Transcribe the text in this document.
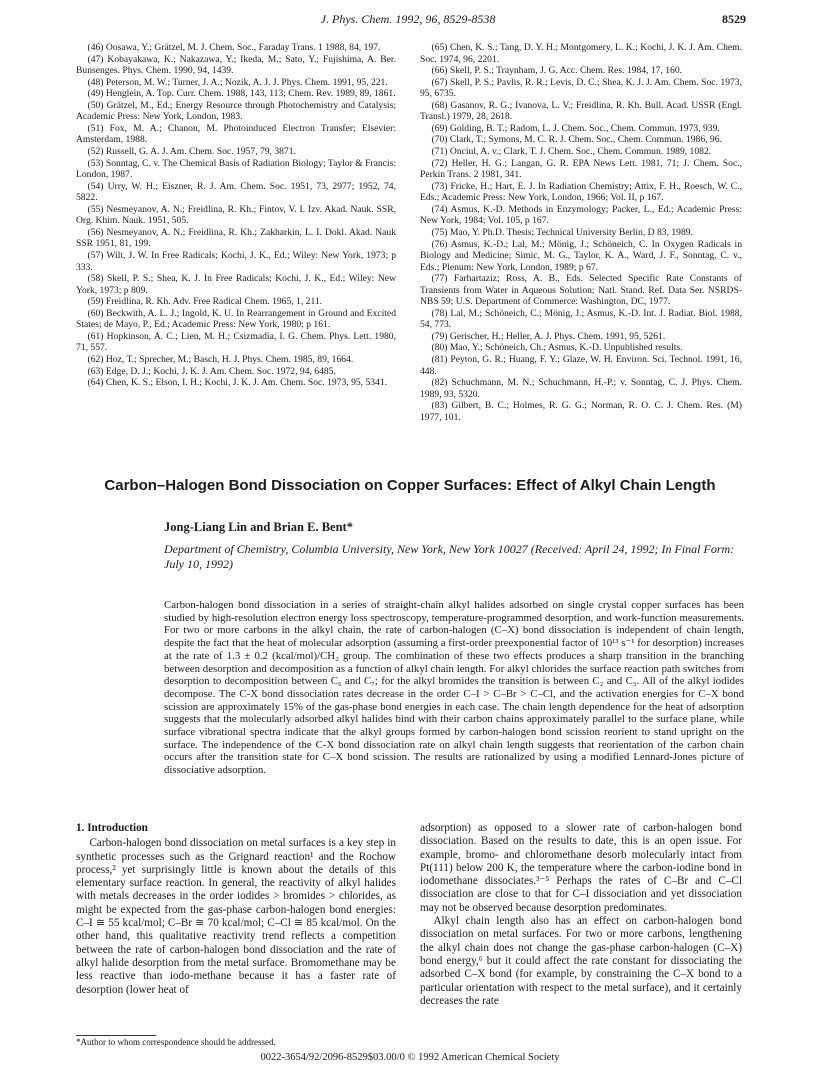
J. Phys. Chem. 1992, 96, 8529-8538	8529
(46) Oosawa, Y.; Grätzel, M. J. Chem. Soc., Faraday Trans. 1 1988, 84, 197.
(47) Kobayakawa, K.; Nakazawa, Y.; Ikeda, M.; Sato, Y.; Fujishima, A. Ber. Bunsenges. Phys. Chem. 1990, 94, 1439.
(48) Peterson, M. W.; Turner, J. A.; Nozik, A. J. J. Phys. Chem. 1991, 95, 221.
(49) Henglein, A. Top. Curr. Chem. 1988, 143, 113; Chem. Rev. 1989, 89, 1861.
(50) Grätzel, M., Ed.; Energy Resource through Photochemistry and Catalysis; Academic Press: New York, London, 1983.
(51) Fox, M. A.; Chanon, M. Photoinduced Electron Transfer; Elsevier: Amsterdam, 1988.
(52) Russell, G. A. J. Am. Chem. Soc. 1957, 79, 3871.
(53) Sonntag, C. v. The Chemical Basis of Radiation Biology; Taylor & Francis: London, 1987.
(54) Urry, W. H.; Eiszner, R. J. Am. Chem. Soc. 1951, 73, 2977; 1952, 74, 5822.
(55) Nesmeyanov, A. N.; Freidlina, R. Kh.; Fintov, V. I. Izv. Akad. Nauk. SSR, Org. Khim. Nauk. 1951, 505.
(56) Nesmeyanov, A. N.; Freidlina, R. Kh.; Zakharkin, L. I. Dokl. Akad. Nauk SSR 1951, 81, 199.
(57) Wilt, J. W. In Free Radicals; Kochi, J. K., Ed.; Wiley: New York, 1973; p 333.
(58) Skell, P. S.; Shea, K. J. In Free Radicals; Kochi, J. K., Ed.; Wiley: New York, 1973; p 809.
(59) Freidlina, R. Kh. Adv. Free Radical Chem. 1965, 1, 211.
(60) Beckwith, A. L. J.; Ingold, K. U. In Rearrangement in Ground and Excited States; de Mayo, P., Ed.; Academic Press: New York, 1980; p 161.
(61) Hopkinson, A. C.; Lien, M. H.; Csizmadia, I. G. Chem. Phys. Lett. 1980, 71, 557.
(62) Hoz, T.; Sprecher, M.; Basch, H. J. Phys. Chem. 1985, 89, 1664.
(63) Edge, D. J.; Kochi, J. K. J. Am. Chem. Soc. 1972, 94, 6485.
(64) Chen, K. S.; Elson, I. H.; Kochi, J. K. J. Am. Chem. Soc. 1973, 95, 5341.
(65) Chen, K. S.; Tang, D. Y. H.; Montgomery, L. K.; Kochi, J. K. J. Am. Chem. Soc. 1974, 96, 2201.
(66) Skell, P. S.; Traynham, J. G. Acc. Chem. Res. 1984, 17, 160.
(67) Skell, P. S.; Pavlis, R. R.; Levis, D. C.; Shea, K. J. J. Am. Chem. Soc. 1973, 95, 6735.
(68) Gasanov, R. G.; Ivanova, L. V.; Freidlina, R. Kh. Bull. Acad. USSR (Engl. Transl.) 1979, 28, 2618.
(69) Golding, B. T.; Radom, L. J. Chem. Soc., Chem. Commun. 1973, 939.
(70) Clark, T.; Symons, M. C. R. J. Chem. Soc., Chem. Commun. 1986, 96.
(71) Onciul, A. v.; Clark, T. J. Chem. Soc., Chem. Commun. 1989, 1082.
(72) Heller, H. G.; Langan, G. R. EPA News Lett. 1981, 71; J. Chem. Soc., Perkin Trans. 2 1981, 341.
(73) Fricke, H.; Hart, E. J. In Radiation Chemistry; Attix, F. H., Roesch, W. C., Eds.; Academic Press: New York, London, 1966; Vol. II, p 167.
(74) Asmus, K.-D. Methods in Enzymology; Packer, L., Ed.; Academic Press: New York, 1984; Vol. 105, p 167.
(75) Mao, Y. Ph.D. Thesis; Technical University Berlin, D 83, 1989.
(76) Asmus, K.-D.; Lal, M.; Mönig, J.; Schöneich, C. In Oxygen Radicals in Biology and Medicine; Simic, M. G., Taylor, K. A., Ward, J. F., Sonntag, C. v., Eds.; Plenum: New York, London, 1989; p 67.
(77) Farhartaziz; Ross, A. B., Eds. Selected Specific Rate Constants of Transients from Water in Aqueous Solution; Natl. Stand. Ref. Data Ser. NSRDS-NBS 59; U.S. Department of Commerce: Washington, DC, 1977.
(78) Lal, M.; Schöneich, C.; Mönig, J.; Asmus, K.-D. Int. J. Radiat. Biol. 1988, 54, 773.
(79) Gerischer, H.; Heller, A. J. Phys. Chem. 1991, 95, 5261.
(80) Mao, Y.; Schöneich, Ch.; Asmus, K.-D. Unpublished results.
(81) Peyton, G. R.; Huang, F. Y.; Glaze, W. H. Environ. Sci. Technol. 1991, 16, 448.
(82) Schuchmann, M. N.; Schuchmann, H.-P.; v. Sonntag, C. J. Phys. Chem. 1989, 93, 5320.
(83) Gilbert, B. C.; Holmes, R. G. G.; Norman, R. O. C. J. Chem. Res. (M) 1977, 101.
Carbon–Halogen Bond Dissociation on Copper Surfaces: Effect of Alkyl Chain Length
Jong-Liang Lin and Brian E. Bent*
Department of Chemistry, Columbia University, New York, New York 10027 (Received: April 24, 1992; In Final Form: July 10, 1992)
Carbon-halogen bond dissociation in a series of straight-chain alkyl halides adsorbed on single crystal copper surfaces has been studied by high-resolution electron energy loss spectroscopy, temperature-programmed desorption, and work-function measurements. For two or more carbons in the alkyl chain, the rate of carbon-halogen (C–X) bond dissociation is independent of chain length, despite the fact that the heat of molecular adsorption (assuming a first-order preexponential factor of 10¹³ s⁻¹ for desorption) increases at the rate of 1.3 ± 0.2 (kcal/mol)/CH₂ group. The combination of these two effects produces a sharp transition in the branching between desorption and decomposition as a function of alkyl chain length. For alkyl chlorides the surface reaction path switches from desorption to decomposition between C₆ and C₇; for the alkyl bromides the transition is between C₂ and C₃. All of the alkyl iodides decompose. The C-X bond dissociation rates decrease in the order C–I > C–Br > C–Cl, and the activation energies for C–X bond scission are approximately 15% of the gas-phase bond energies in each case. The chain length dependence for the heat of adsorption suggests that the molecularly adsorbed alkyl halides bind with their carbon chains approximately parallel to the surface plane, while surface vibrational spectra indicate that the alkyl groups formed by carbon-halogen bond scission reorient to stand upright on the surface. The independence of the C-X bond dissociation rate on alkyl chain length suggests that reorientation of the carbon chain occurs after the transition state for C–X bond scission. The results are rationalized by using a modified Lennard-Jones picture of dissociative adsorption.
1. Introduction

Carbon-halogen bond dissociation on metal surfaces is a key step in synthetic processes such as the Grignard reaction¹ and the Rochow process,² yet surprisingly little is known about the details of this elementary surface reaction. In general, the reactivity of alkyl halides with metals decreases in the order iodides > bromides > chlorides, as might be expected from the gas-phase carbon-halogen bond energies: C–I ≅ 55 kcal/mol; C–Br ≅ 70 kcal/mol; C–Cl ≅ 85 kcal/mol. On the other hand, this qualitative reactivity trend reflects a competition between the rate of carbon-halogen bond dissociation and the rate of alkyl halide desorption from the metal surface. Bromomethane may be less reactive than iodo-methane because it has a faster rate of desorption (lower heat of

adsorption) as opposed to a slower rate of carbon-halogen bond dissociation. Based on the results to date, this is an open issue. For example, bromo- and chloromethane desorb molecularly intact from Pt(111) below 200 K, the temperature where the carbon-iodine bond in iodomethane dissociates.³⁻⁵ Perhaps the rates of C–Br and C–Cl dissociation are close to that for C–I dissociation and yet dissociation may not be observed because desorption predominates.

Alkyl chain length also has an effect on carbon-halogen bond dissociation on metal surfaces. For two or more carbons, lengthening the alkyl chain does not change the gas-phase carbon-halogen (C–X) bond energy,⁶ but it could affect the rate constant for dissociating the adsorbed C–X bond (for example, by constraining the C–X bond to a particular orientation with respect to the metal surface), and it certainly decreases the rate

*Author to whom correspondence should be addressed.
0022-3654/92/2096-8529$03.00/0 © 1992 American Chemical Society
